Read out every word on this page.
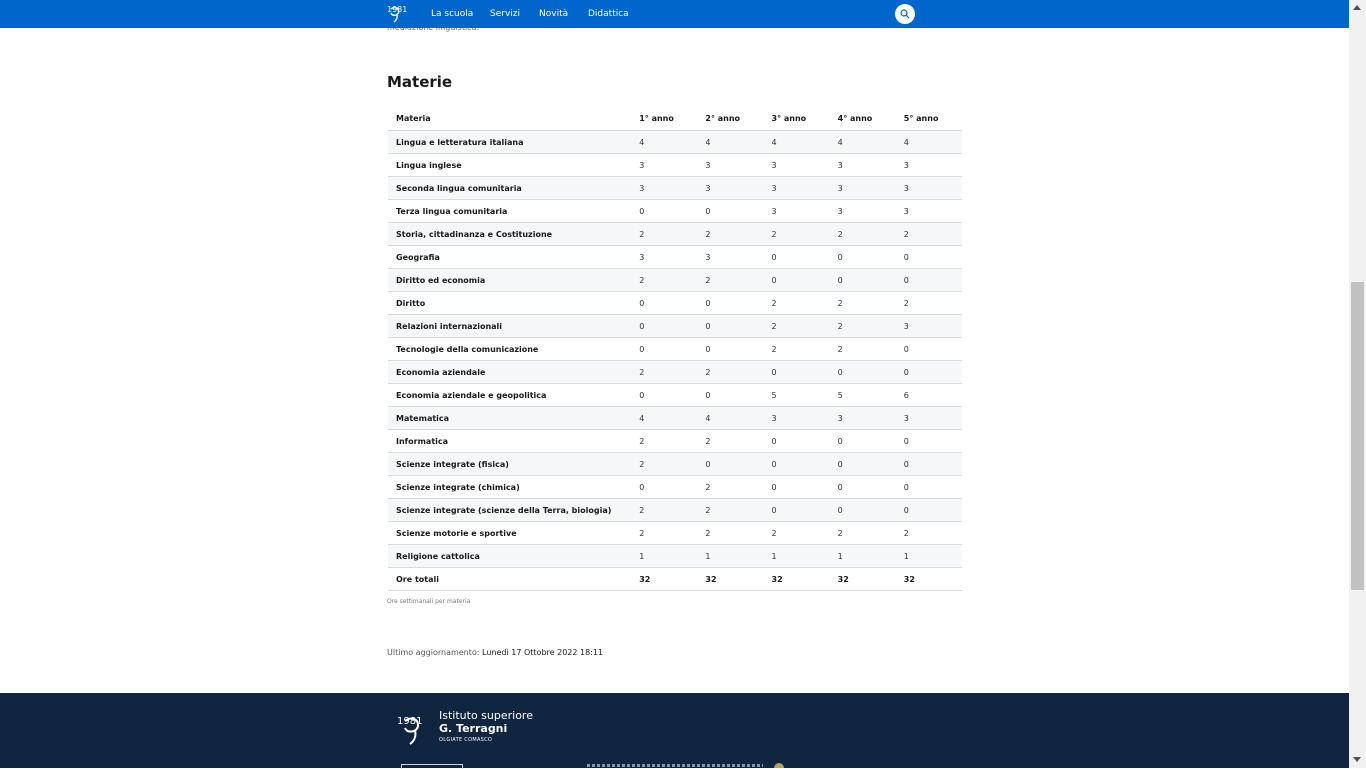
1981	La scuola Servizi Novità Didattica
Materie
Materia	1° anno	2° anno	3° anno	4° anno	5° anno
Lingua e letteratura italiana	4	4	4	4	4
Lingua inglese	3	3	3	3	3
Seconda lingua comunitaria	3	3	3	3	3
Terza lingua comunitaria	0	0	3	3	3
Storia, cittadinanza e Costituzione	2	2	2	2	2
Geografia	3	3	0	0	0
Diritto ed economia	2	2	0	0	0
Diritto	0	0	2	2	2
Relazioni internazionali	0	0	2	2	3
Tecnologie della comunicazione	0	0	2	2	0
Economia aziendale	2	2	0	0	0
Economia aziendale e geopolitica	0	0	5	5	6
Matematica	4	4	3	3	3
Informatica	2	2	0	0	0
Scienze integrate (fisica)	2	0	0	0	0
Scienze integrate (chimica)	0	2	0	0	0
Scienze integrate (scienze della Terra, biologia)	2	2	0	0	0
Scienze motorie e sportive	2	2	2	2	2
Religione cattolica	1	1	1	1	1
Ore totali	32	32	32	32	32
Ore settimanali per materia
Ultimo aggiornamento: Lunedì 17 Ottobre 2022 18:11
1981 Istituto superiore
G. Terragni
OLGIATE COMASCO
